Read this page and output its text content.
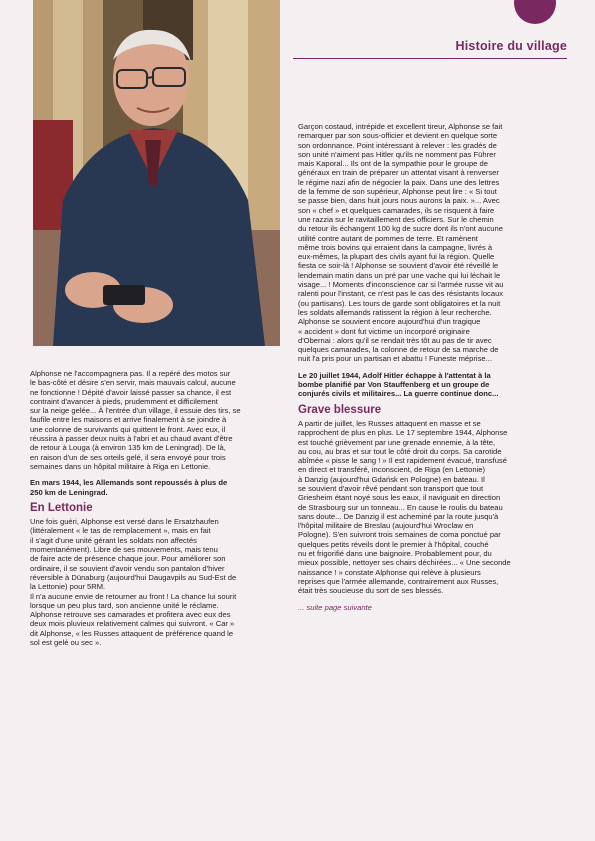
Histoire du village

Alphonse ne l'accompagnera pas. Il a repéré des motos sur
le bas-côté et désire s'en servir, mais mauvais calcul, aucune
ne fonctionne ! Dépité d'avoir laissé passer sa chance, il est
contraint d'avancer à pieds, prudemment et difficilement
sur la neige gelée... À l'entrée d'un village, il essuie des tirs, se
faufile entre les maisons et arrive finalement à se joindre à
une colonne de survivants qui quittent le front. Avec eux, il
réussira à passer deux nuits à l'abri et au chaud avant d'être
de retour à Louga (à environ 135 km de Leningrad). De là,
en raison d'un de ses orteils gelé, il sera envoyé pour trois
semaines dans un hôpital militaire à Riga en Lettonie.

En mars 1944, les Allemands sont repoussés à plus de
250 km de Leningrad.

En Lettonie

Une fois guéri, Alphonse est versé dans le Ersatzhaufen
(littéralement « le tas de remplacement », mais en fait
il s'agit d'une unité gérant les soldats non affectés
momentanément). Libre de ses mouvements, mais tenu
de faire acte de présence chaque jour. Pour améliorer son
ordinaire, il se souvient d'avoir vendu son pantalon d'hiver
réversible à Dünaburg (aujourd'hui Daugavpils au Sud-Est de
la Lettonie) pour 5RM.
Il n'a aucune envie de retourner au front ! La chance lui sourit
lorsque un peu plus tard, son ancienne unité le réclame.
Alphonse retrouve ses camarades et profitera avec eux des
deux mois pluvieux relativement calmes qui suivront. « Car »
dit Alphonse, « les Russes attaquent de préférence quand le
sol est gelé ou sec ».

Garçon costaud, intrépide et excellent tireur, Alphonse se fait
remarquer par son sous-officier et devient en quelque sorte
son ordonnance. Point intéressant à relever : les gradés de
son unité n'aiment pas Hitler qu'ils ne nomment pas Führer
mais Kaporal... Ils ont de la sympathie pour le groupe de
généraux en train de préparer un attentat visant à renverser
le régime nazi afin de négocier la paix. Dans une des lettres
de la femme de son supérieur, Alphonse peut lire : « Si tout
se passe bien, dans huit jours nous aurons la paix. »... Avec
son « chef » et quelques camarades, ils se risquent à faire
une razzia sur le ravitaillement des officiers. Sur le chemin
du retour ils échangent 100 kg de sucre dont ils n'ont aucune
utilité contre autant de pommes de terre. Et ramènent
même trois bovins qui erraient dans la campagne, livrés à
eux-mêmes, la plupart des civils ayant fui la région. Quelle
fiesta ce soir-là ! Alphonse se souvient d'avoir été réveillé le
lendemain matin dans un pré par une vache qui lui léchait le
visage... ! Moments d'inconscience car si l'armée russe vit au
ralenti pour l'instant, ce n'est pas le cas des résistants locaux
(ou partisans). Les tours de garde sont obligatoires et la nuit
les soldats allemands ratissent la région à leur recherche.
Alphonse se souvient encore aujourd'hui d'un tragique
« accident » dont fut victime un incorporé originaire
d'Obernai : alors qu'il se rendait très tôt au pas de tir avec
quelques camarades, la colonne de retour de sa marche de
nuit l'a pris pour un partisan et abattu ! Funeste méprise...

Le 20 juillet 1944, Adolf Hitler échappe à l'attentat à la
bombe planifié par Von Stauffenberg et un groupe de
conjurés civils et militaires... La guerre continue donc...

Grave blessure

A partir de juillet, les Russes attaquent en masse et se
rapprochent de plus en plus. Le 17 septembre 1944, Alphonse
est touché grièvement par une grenade ennemie, à la tête,
au cou, au bras et sur tout le côté droit du corps. Sa carotide
abîmée « pisse le sang ! » Il est rapidement évacué, transfusé
en direct et transféré, inconscient, de Riga (en Lettonie)
à Danzig (aujourd'hui Gdańsk en Pologne) en bateau. Il
se souvient d'avoir rêvé pendant son transport que tout
Griesheim étant noyé sous les eaux, il naviguait en direction
de Strasbourg sur un tonneau... En cause le roulis du bateau
sans doute... De Danzig il est acheminé par la route jusqu'à
l'hôpital militaire de Breslau (aujourd'hui Wroclaw en
Pologne). S'en suivront trois semaines de coma ponctué par
quelques petits réveils dont le premier à l'hôpital, couché
nu et frigorifié dans une baignoire. Probablement pour, du
mieux possible, nettoyer ses chairs déchirées... « Une seconde
naissance ! » constate Alphonse qui relève à plusieurs
reprises que l'armée allemande, contrairement aux Russes,
était très soucieuse du sort de ses blessés.

... suite page suivante
